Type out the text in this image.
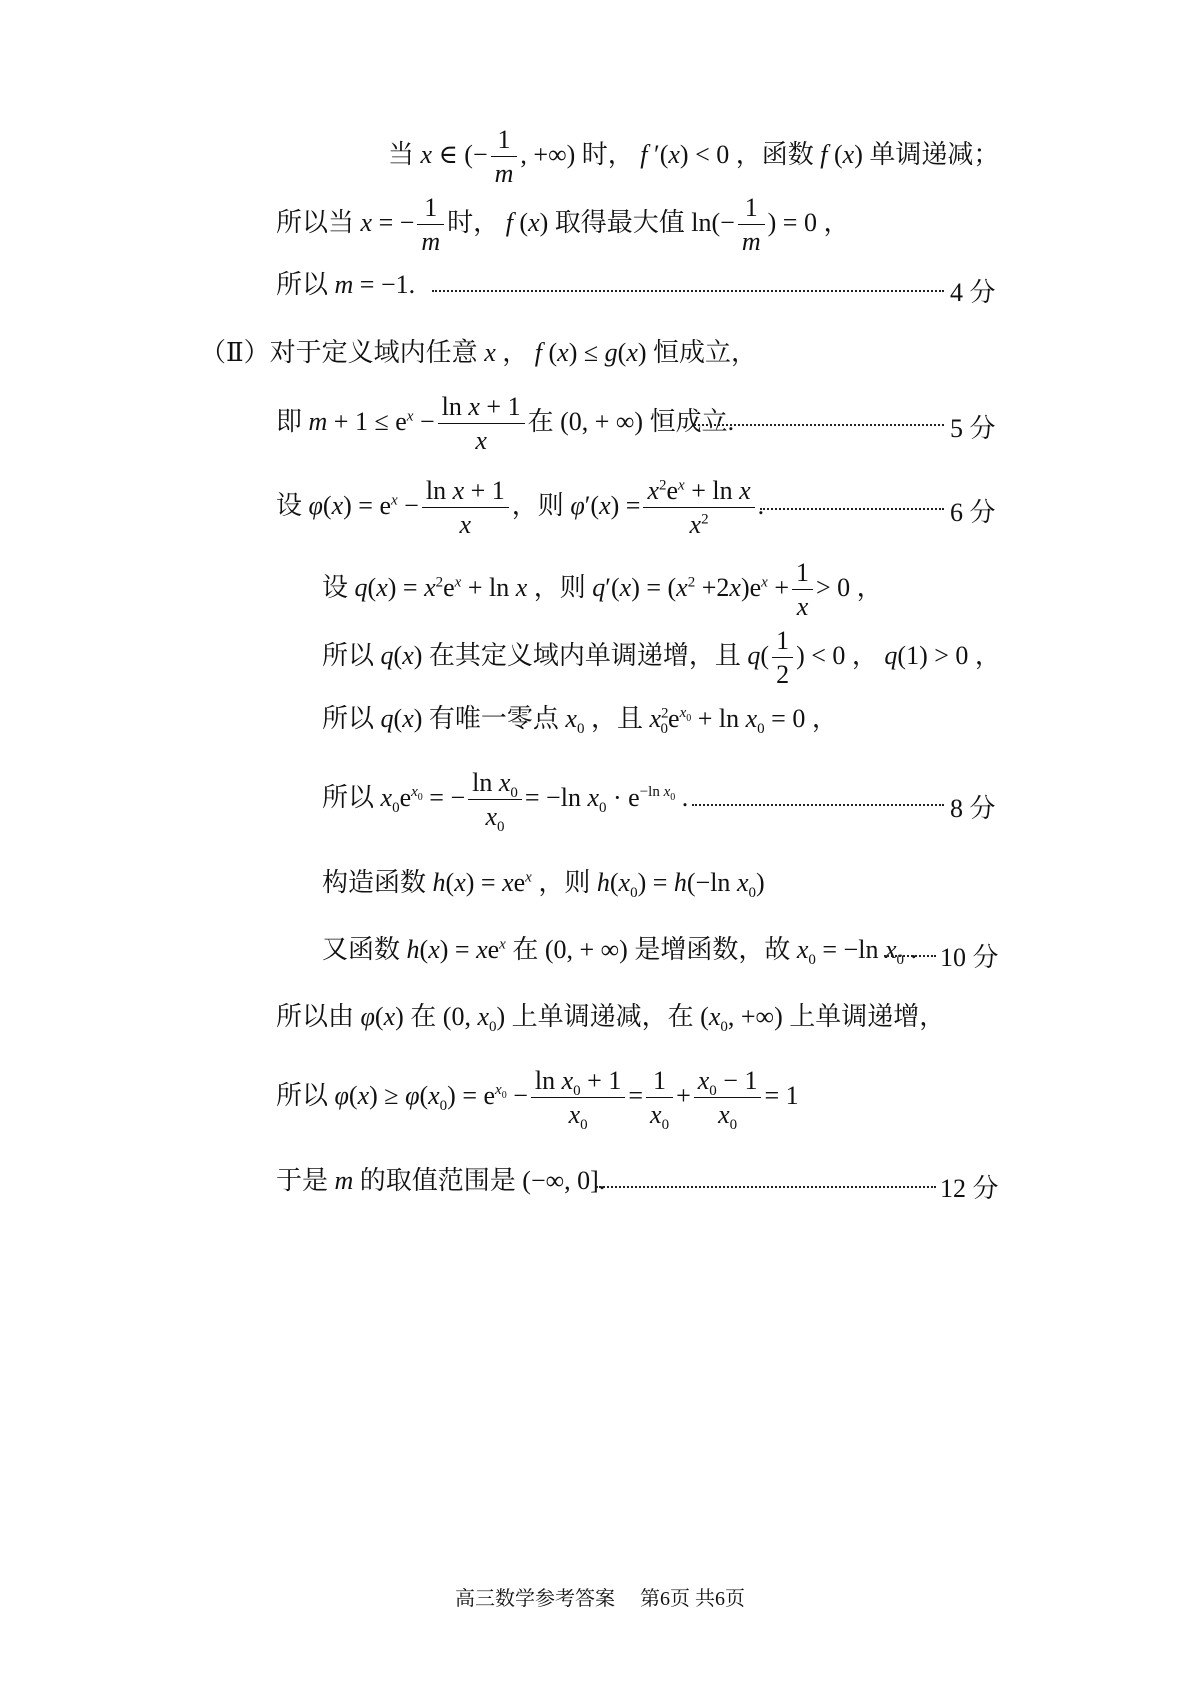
当 x ∈ (− $\frac{1}{m}$ , +∞) 时， f ′(x) < 0 ，函数 f (x) 单调递减；
所以当 x = − $\frac{1}{m}$ 时， f (x) 取得最大值 $\ln(- \frac{1}{m}$ ) = 0 ，
所以 m = −1.	4 分
（Ⅱ）对于定义域内任意 x ， f (x) ≤ g(x) 恒成立，
即 $m + 1 \le e^x - \frac{\text{ln x + 1}}{x}$ 在 (0, + ∞) 恒成立.	5 分
设 $\varphi(x) = e^x - \frac{\text{ln x + 1}}{x}$ ，则 $\varphi'(x) = \frac{x^2e^x + \ln x}{x^2}$ .	6 分
设 $q(x) = x^2e^x + \ln x$ ，则 $q'(x) = (x^2 +2x)e^x + \frac{1}{x} > 0$ ，
所以 q(x) 在其定义域内单调递增，且 $q( \frac{1}{2}$ ) < 0 ， q(1) > 0 ，
所以 q(x) 有唯一零点 $x_0$ ，且 $x^2_0e^{x_0} + \ln x_0 = 0$ ，
所以 $x_0e^{x_0}$ = − $\frac{\ln x_0}{x_0} = -\ln$ $x_0 \cdot e^{-ln x_0}$ .	8 分
构造函数 $h(x) = xe^x$ ，则 $h(x_0) = h(-\ln$ $x_0$)
又函数 $h(x) = xe^x$ 在 (0, + ∞) 是增函数，故 $x_0 = -\ln$ $x_0$ . 10 分
所以由 φ(x) 在 (0, $x_0$) 上单调递减，在 ($x_0$, +∞) 上单调递增，
所以 $\varphi(x) \ge \varphi(x_0) = e^{x_0} - \frac{\ln x_0 + 1}{x_0} = \frac{1}{x_0} + \frac{x_0 - 1}{x_0} = 1$
于是 m 的取值范围是 (−∞, 0].	12 分
高三数学参考答案　 第6页 共6页
